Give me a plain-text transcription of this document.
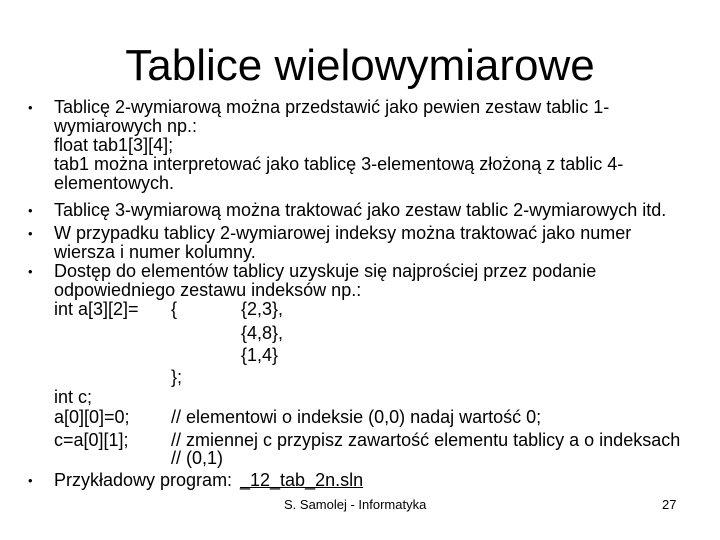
Tablice wielowymiarowe
•
•
•
•
•
Tablicę 2-wymiarową można przedstawić jako pewien zestaw tablic 1-
wymiarowych np.:
float tab1[3][4];
tab1 można interpretować jako tablicę 3-elementową złożoną z tablic 4-
elementowych.
Tablicę 3-wymiarową można traktować jako zestaw tablic 2-wymiarowych itd.
W przypadku tablicy 2-wymiarowej indeksy można traktować jako numer
wiersza i numer kolumny.
Dostęp do elementów tablicy uzyskuje się najprościej przez podanie
odpowiedniego zestawu indeksów np.:
int a[3][2]= {	{2,3},
{4,8},
{1,4}
};
int c;
a[0][0]=0; // elementowi o indeksie (0,0) nadaj wartość 0;
c=a[0][1]; // zmiennej c przypisz zawartość elementu tablicy a o indeksach
// (0,1)
Przykładowy program: _12_tab_2n.sln
S. Samolej - Informatyka	27
